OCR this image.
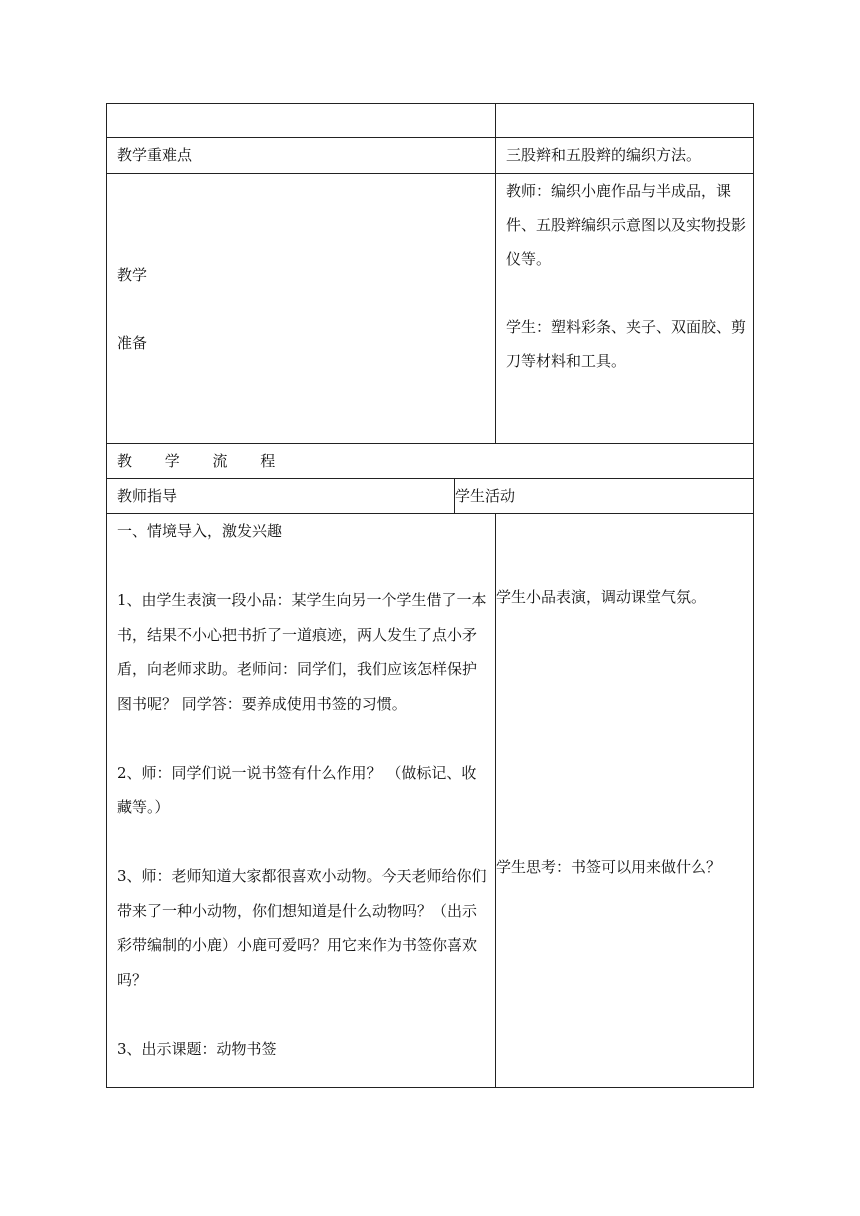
教学重难点	三股辫和五股辫的编织方法。
教学
准备

教师：编织小鹿作品与半成品，课件、五股辫编织示意图以及实物投影仪等。

学生：塑料彩条、夹子、双面胶、剪刀等材料和工具。

教 学 流 程
教师指导	学生活动

一、情境导入，激发兴趣

1、由学生表演一段小品：某学生向另一个学生借了一本书，结果不小心把书折了一道痕迹，两人发生了点小矛盾，向老师求助。老师问：同学们，我们应该怎样保护图书呢？ 同学答：要养成使用书签的习惯。

2、师：同学们说一说书签有什么作用？ （做标记、收藏等。）

3、师：老师知道大家都很喜欢小动物。今天老师给你们带来了一种小动物，你们想知道是什么动物吗？（出示彩带编制的小鹿）小鹿可爱吗？用它来作为书签你喜欢吗？

3、出示课题：动物书签

学生小品表演，调动课堂气氛。
学生思考：书签可以用来做什么？
